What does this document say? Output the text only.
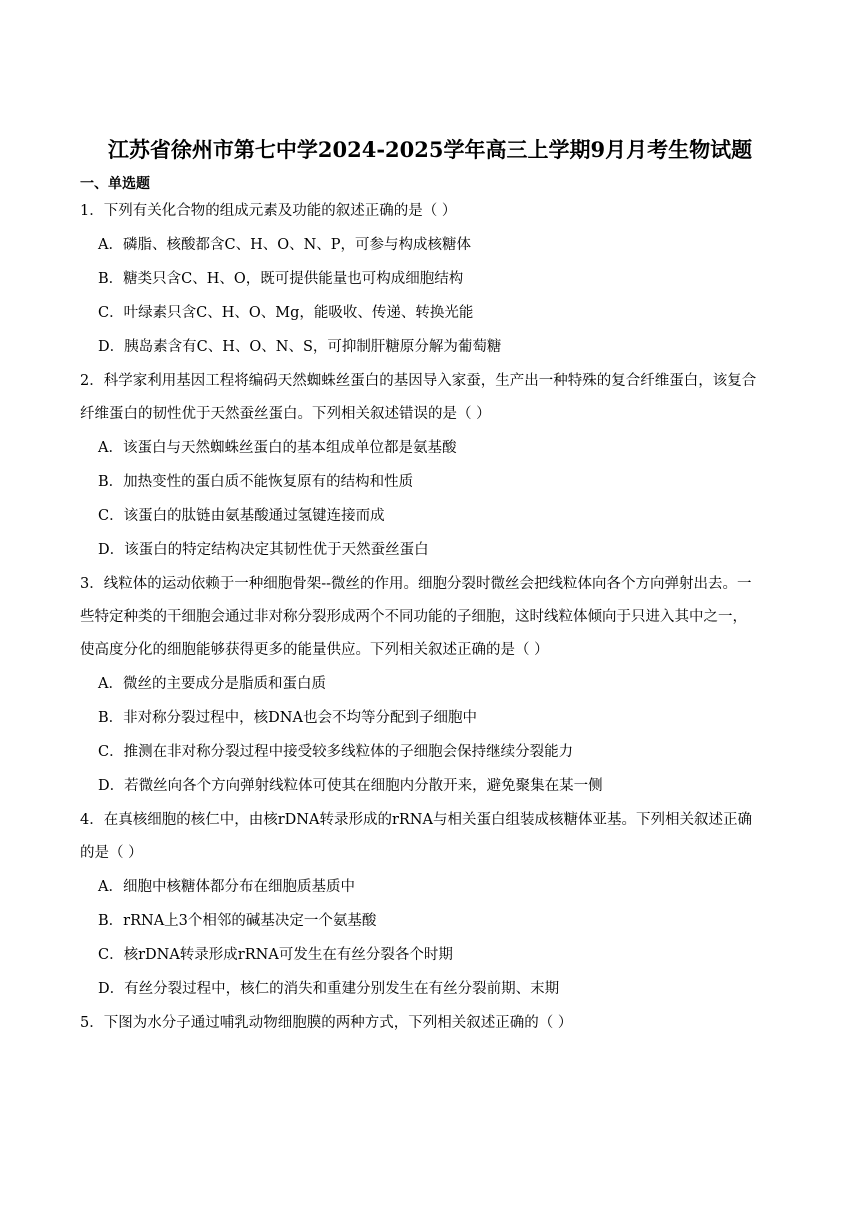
江苏省徐州市第七中学2024-2025学年高三上学期9月月考生物试题
一、单选题
1．下列有关化合物的组成元素及功能的叙述正确的是（ ）
A．磷脂、核酸都含C、H、O、N、P，可参与构成核糖体
B．糖类只含C、H、O，既可提供能量也可构成细胞结构
C．叶绿素只含C、H、O、Mg，能吸收、传递、转换光能
D．胰岛素含有C、H、O、N、S，可抑制肝糖原分解为葡萄糖
2．科学家利用基因工程将编码天然蜘蛛丝蛋白的基因导入家蚕，生产出一种特殊的复合纤维蛋白，该复合
纤维蛋白的韧性优于天然蚕丝蛋白。下列相关叙述错误的是（ ）
A．该蛋白与天然蜘蛛丝蛋白的基本组成单位都是氨基酸
B．加热变性的蛋白质不能恢复原有的结构和性质
C．该蛋白的肽链由氨基酸通过氢键连接而成
D．该蛋白的特定结构决定其韧性优于天然蚕丝蛋白
3．线粒体的运动依赖于一种细胞骨架--微丝的作用。细胞分裂时微丝会把线粒体向各个方向弹射出去。一
些特定种类的干细胞会通过非对称分裂形成两个不同功能的子细胞，这时线粒体倾向于只进入其中之一，
使高度分化的细胞能够获得更多的能量供应。下列相关叙述正确的是（ ）
A．微丝的主要成分是脂质和蛋白质
B．非对称分裂过程中，核DNA也会不均等分配到子细胞中
C．推测在非对称分裂过程中接受较多线粒体的子细胞会保持继续分裂能力
D．若微丝向各个方向弹射线粒体可使其在细胞内分散开来，避免聚集在某一侧
4．在真核细胞的核仁中，由核rDNA转录形成的rRNA与相关蛋白组装成核糖体亚基。下列相关叙述正确
的是（ ）
A．细胞中核糖体都分布在细胞质基质中
B．rRNA上3个相邻的碱基决定一个氨基酸
C．核rDNA转录形成rRNA可发生在有丝分裂各个时期
D．有丝分裂过程中，核仁的消失和重建分别发生在有丝分裂前期、末期
5．下图为水分子通过哺乳动物细胞膜的两种方式，下列相关叙述正确的（ ）
